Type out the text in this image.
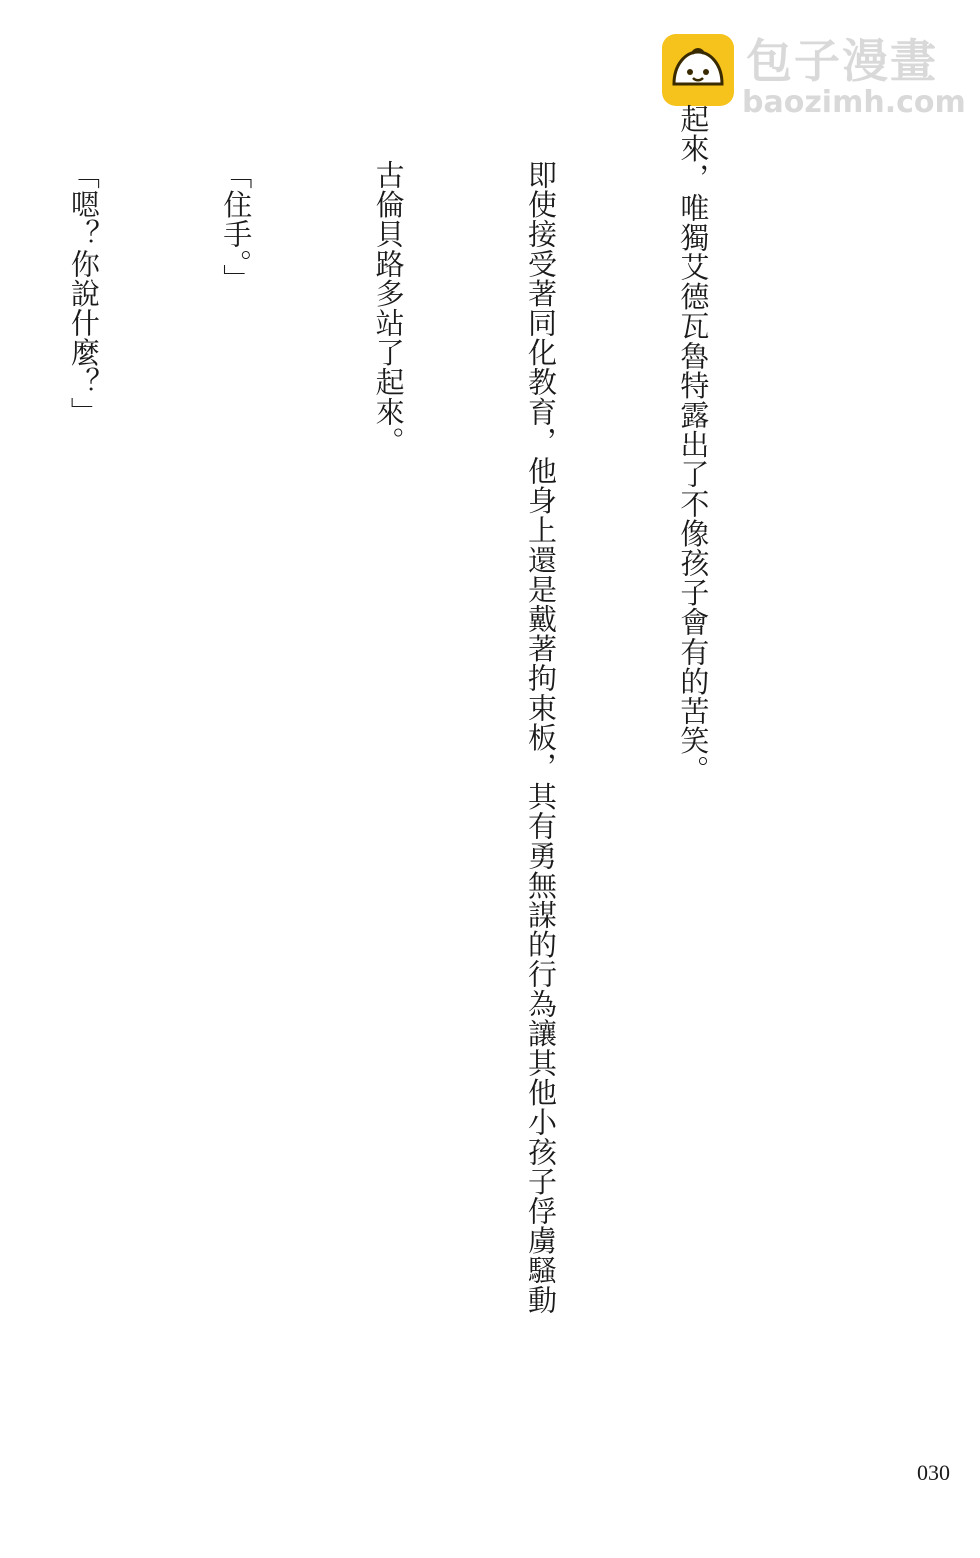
包子漫畫
baozimh.com

起來，唯獨艾德瓦魯特露出了不像孩子會有的苦笑。

即使接受著同化教育，他身上還是戴著拘束板，其有勇無謀的行為讓其他小孩子俘虜騷動

古倫貝路多站了起來。

「住手。」

「嗯？你說什麼？」

030
